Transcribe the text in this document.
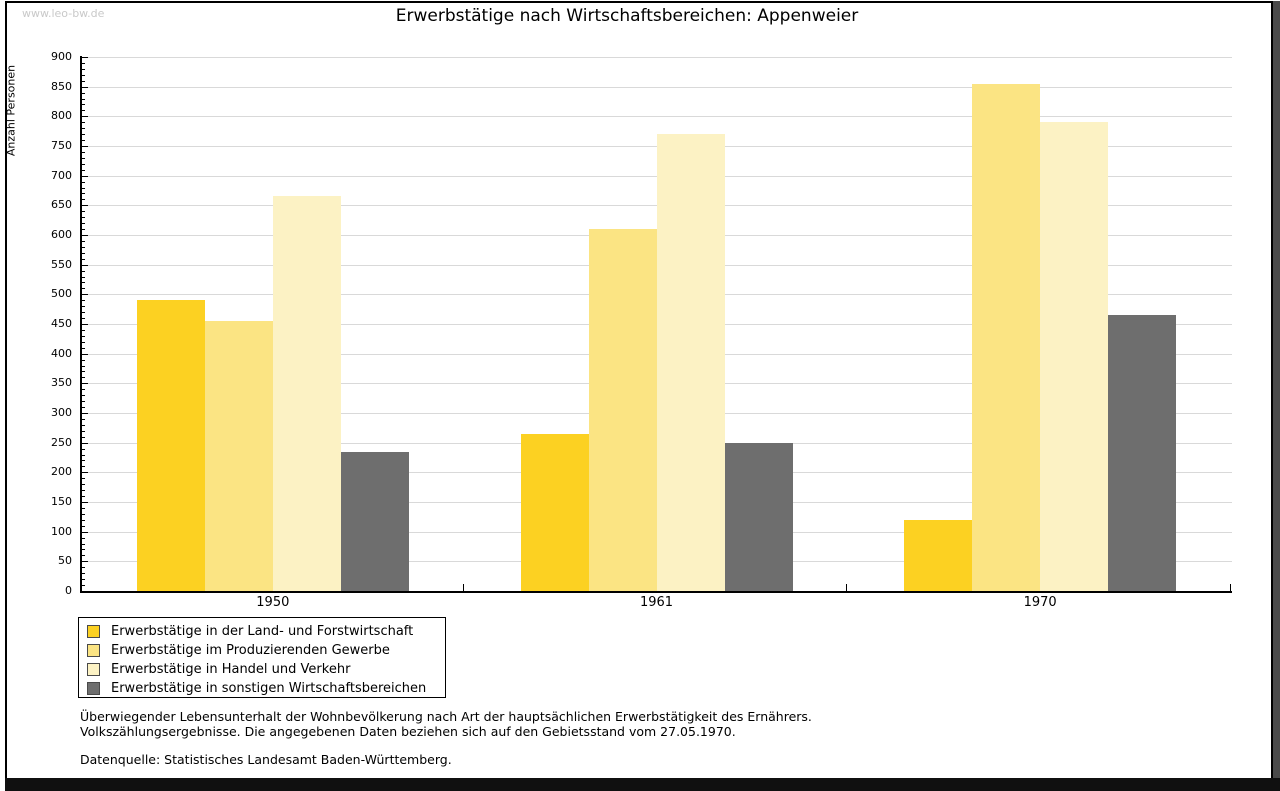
Anzahl Personen
0
50
100
150
200
250
300
350
400
450
500
550
600
650
700
750
800
850
900
1950	1961	1970
www.leo-bw.de	Erwerbstätige nach Wirtschaftsbereichen: Appenweier
Erwerbstätige in der Land- und Forstwirtschaft
Erwerbstätige im Produzierenden Gewerbe
Erwerbstätige in Handel und Verkehr
Erwerbstätige in sonstigen Wirtschaftsbereichen
Überwiegender Lebensunterhalt der Wohnbevölkerung nach Art der hauptsächlichen Erwerbstätigkeit des Ernährers.
Volkszählungsergebnisse. Die angegebenen Daten beziehen sich auf den Gebietsstand vom 27.05.1970.
Datenquelle: Statistisches Landesamt Baden-Württemberg.
